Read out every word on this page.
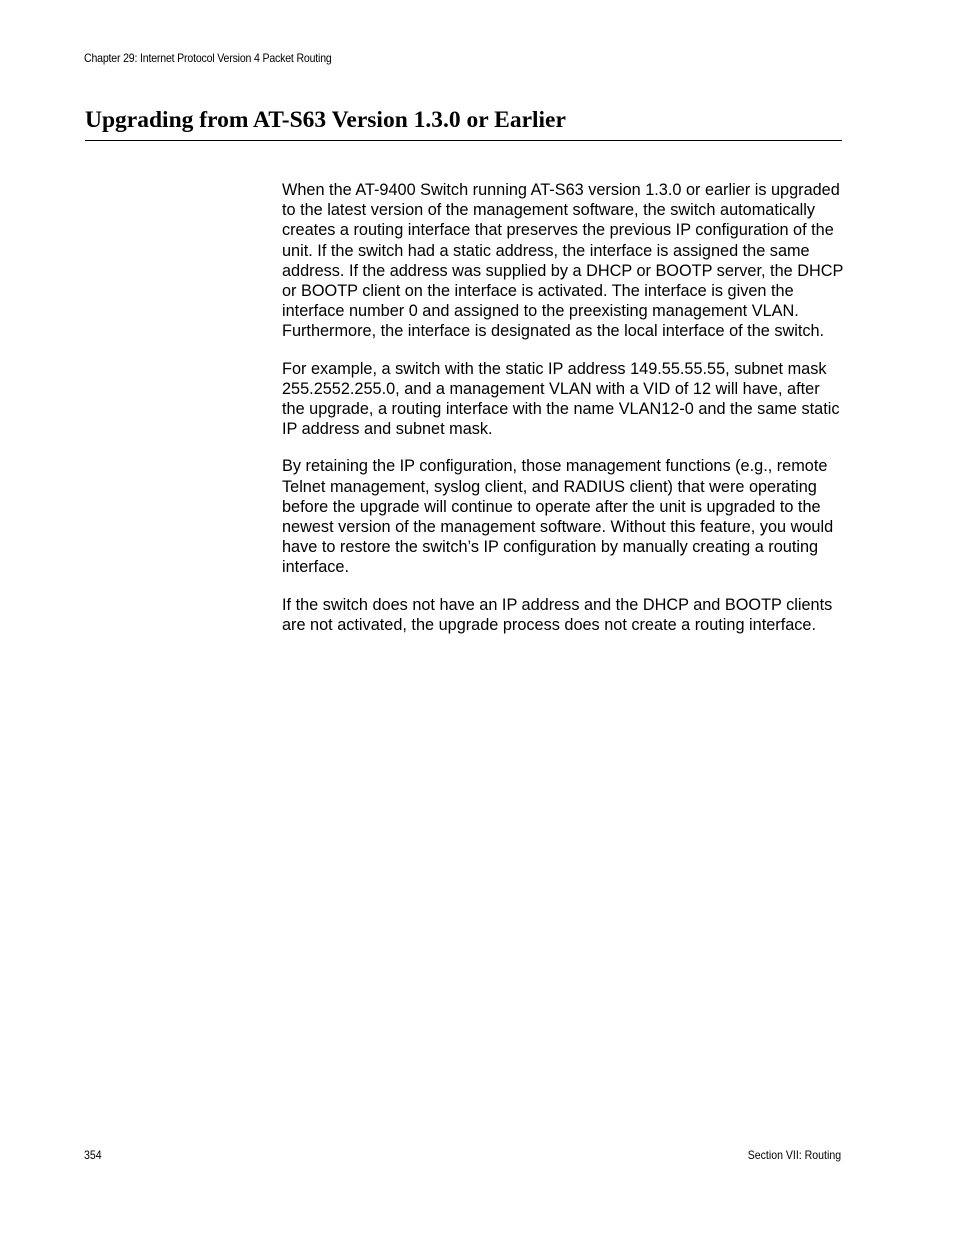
Chapter 29: Internet Protocol Version 4 Packet Routing
Upgrading from AT-S63 Version 1.3.0 or Earlier

When the AT-9400 Switch running AT-S63 version 1.3.0 or earlier is upgraded to the latest version of the management software, the switch automatically creates a routing interface that preserves the previous IP configuration of the unit. If the switch had a static address, the interface is assigned the same address. If the address was supplied by a DHCP or BOOTP server, the DHCP or BOOTP client on the interface is activated. The interface is given the interface number 0 and assigned to the preexisting management VLAN. Furthermore, the interface is designated as the local interface of the switch.

For example, a switch with the static IP address 149.55.55.55, subnet mask 255.2552.255.0, and a management VLAN with a VID of 12 will have, after the upgrade, a routing interface with the name VLAN12-0 and the same static IP address and subnet mask.

By retaining the IP configuration, those management functions (e.g., remote Telnet management, syslog client, and RADIUS client) that were operating before the upgrade will continue to operate after the unit is upgraded to the newest version of the management software. Without this feature, you would have to restore the switch’s IP configuration by manually creating a routing interface.

If the switch does not have an IP address and the DHCP and BOOTP clients are not activated, the upgrade process does not create a routing interface.

354	Section VII: Routing
